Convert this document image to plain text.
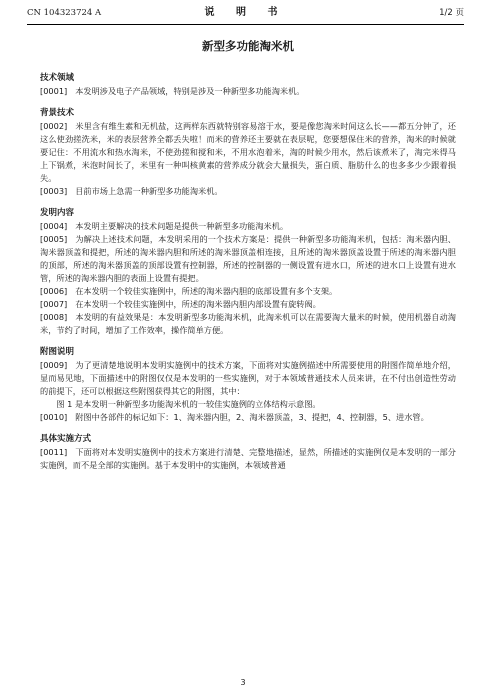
CN 104323724 A	说 明 书	1/2 页
新型多功能淘米机
技术领域

[0001] 本发明涉及电子产品领域，特别是涉及一种新型多功能淘米机。

背景技术

[0002] 米里含有维生素和无机盐，这两样东西就特别容易溶于水，要是像您淘米时间这么长——都五分钟了，还这么使劲搓洗米，米的表层营养全都丢失啦！而米的营养还主要就在表层呢，您要想保住米的营养，淘米的时候就要记住：不用流水和热水淘米，不使劲搓和搅和米，不用水泡着米，淘的时候少用水，然后该煮米了，淘完米得马上下锅煮，米泡时间长了，米里有一种叫核黄素的营养成分就会大量损失，蛋白质、脂肪什么的也多多少少跟着损失。

[0003] 目前市场上急需一种新型多功能淘米机。

发明内容

[0004] 本发明主要解决的技术问题是提供一种新型多功能淘米机。

[0005] 为解决上述技术问题，本发明采用的一个技术方案是：提供一种新型多功能淘米机，包括：淘米器内胆、淘米器顶盖和提把，所述的淘米器内胆和所述的淘米器顶盖相连接，且所述的淘米器顶盖设置于所述的淘米器内胆的顶部，所述的淘米器顶盖的顶部设置有控制器，所述的控制器的一侧设置有进水口，所述的进水口上设置有进水管，所述的淘米器内胆的表面上设置有提把。

[0006] 在本发明一个较佳实施例中，所述的淘米器内胆的底部设置有多个支架。

[0007] 在本发明一个较佳实施例中，所述的淘米器内胆内部设置有旋转阀。

[0008] 本发明的有益效果是：本发明新型多功能淘米机，此淘米机可以在需要淘大量米的时候，使用机器自动淘米，节约了时间，增加了工作效率，操作简单方便。

附图说明

[0009] 为了更清楚地说明本发明实施例中的技术方案，下面将对实施例描述中所需要使用的附图作简单地介绍，显而易见地，下面描述中的附图仅仅是本发明的一些实施例，对于本领域普通技术人员来讲，在不付出创造性劳动的前提下，还可以根据这些附图获得其它的附图，其中：

图 1 是本发明一种新型多功能淘米机的一较佳实施例的立体结构示意图。

[0010] 附图中各部件的标记如下：1、淘米器内胆，2、淘米器顶盖，3、提把，4、控制器，5、进水管。

具体实施方式

[0011] 下面将对本发明实施例中的技术方案进行清楚、完整地描述，显然，所描述的实施例仅是本发明的一部分实施例，而不是全部的实施例。基于本发明中的实施例，本领域普通

3
